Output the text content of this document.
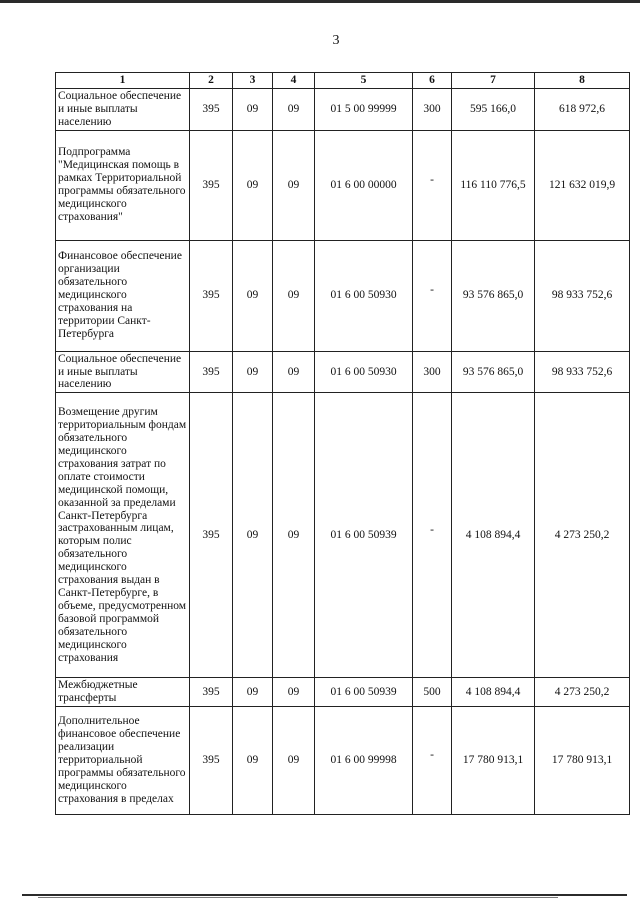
3
1	2	3	4	5	6	7	8
Социальное обеспечение и иные выплаты населению	395	09	09	01 5 00 99999	300	595 166,0	618 972,6
Подпрограмма "Медицинская помощь в рамках Территориальной программы обязательного медицинского страхования"	395	09	09	01 6 00 00000	-	116 110 776,5	121 632 019,9
Финансовое обеспечение организации обязательного медицинского страхования на территории Санкт-Петербурга	395	09	09	01 6 00 50930	-	93 576 865,0	98 933 752,6
Социальное обеспечение и иные выплаты населению	395	09	09	01 6 00 50930	300	93 576 865,0	98 933 752,6
Возмещение другим территориальным фондам обязательного медицинского страхования затрат по оплате стоимости медицинской помощи, оказанной за пределами Санкт-Петербурга застрахованным лицам, которым полис обязательного медицинского страхования выдан в Санкт-Петербурге, в объеме, предусмотренном базовой программой обязательного медицинского страхования	395	09	09	01 6 00 50939	-	4 108 894,4	4 273 250,2
Межбюджетные трансферты	395	09	09	01 6 00 50939	500	4 108 894,4	4 273 250,2
Дополнительное финансовое обеспечение реализации территориальной программы обязательного медицинского страхования в пределах	395	09	09	01 6 00 99998	-	17 780 913,1	17 780 913,1
